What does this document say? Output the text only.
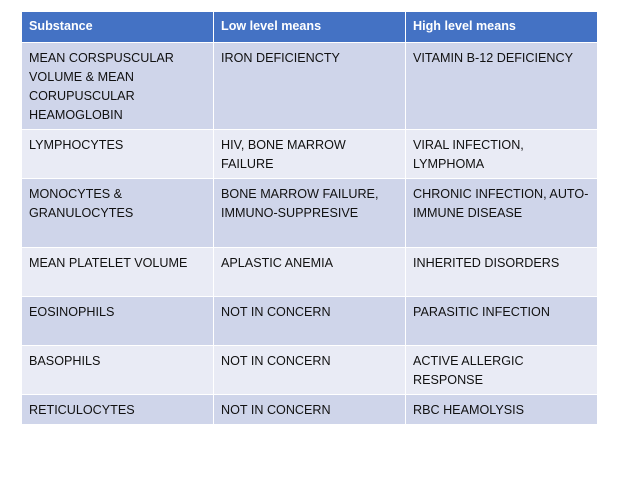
Substance	Low level means	High level means
MEAN CORSPUSCULAR VOLUME & MEAN CORUPUSCULAR HEAMOGLOBIN	IRON DEFICIENCTY	VITAMIN B-12 DEFICIENCY
LYMPHOCYTES	HIV, BONE MARROW FAILURE	VIRAL INFECTION, LYMPHOMA
MONOCYTES & GRANULOCYTES	BONE MARROW FAILURE, IMMUNO-SUPPRESIVE	CHRONIC INFECTION, AUTO-IMMUNE DISEASE
MEAN PLATELET VOLUME	APLASTIC ANEMIA	INHERITED DISORDERS
EOSINOPHILS	NOT IN CONCERN	PARASITIC INFECTION
BASOPHILS	NOT IN CONCERN	ACTIVE ALLERGIC RESPONSE
RETICULOCYTES	NOT IN CONCERN	RBC HEAMOLYSIS
